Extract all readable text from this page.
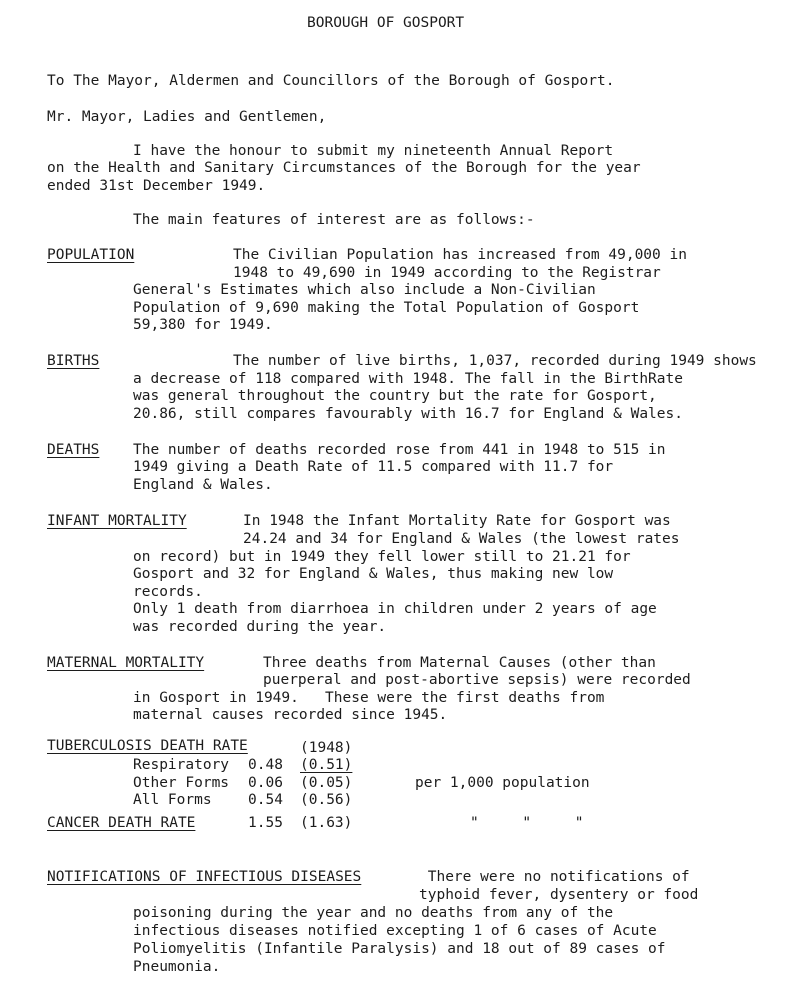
BOROUGH OF GOSPORT
To The Mayor, Aldermen and Councillors of the Borough of Gosport.
Mr. Mayor, Ladies and Gentlemen,
I have the honour to submit my nineteenth Annual Report
on the Health and Sanitary Circumstances of the Borough for the year
ended 31st December 1949.
The main features of interest are as follows:-
POPULATION	The Civilian Population has increased from 49,000 in
1948 to 49,690 in 1949 according to the Registrar
General's Estimates which also include a Non-Civilian
Population of 9,690 making the Total Population of Gosport
59,380 for 1949.
BIRTHS	The number of live births, 1,037, recorded during 1949 shows
a decrease of 118 compared with 1948. The fall in the BirthRate
was general throughout the country but the rate for Gosport,
20.86, still compares favourably with 16.7 for England & Wales.
DEATHS The number of deaths recorded rose from 441 in 1948 to 515 in
1949 giving a Death Rate of 11.5 compared with 11.7 for
England & Wales.
INFANT MORTALITY	In 1948 the Infant Mortality Rate for Gosport was
24.24 and 34 for England & Wales (the lowest rates
on record) but in 1949 they fell lower still to 21.21 for
Gosport and 32 for England & Wales, thus making new low
records.
Only 1 death from diarrhoea in children under 2 years of age
was recorded during the year.
MATERNAL MORTALITY	Three deaths from Maternal Causes (other than
puerperal and post-abortive sepsis) were recorded
in Gosport in 1949.   These were the first deaths from
maternal causes recorded since 1945.
TUBERCULOSIS DEATH RATE	(1948)
Respiratory 0.48 (0.51)
Other Forms 0.06 (0.05)	per 1,000 population
All Forms	0.54 (0.56)
CANCER DEATH RATE	1.55 (1.63)	"     "     "
NOTIFICATIONS OF INFECTIOUS DISEASES	There were no notifications of
typhoid fever, dysentery or food
poisoning during the year and no deaths from any of the
infectious diseases notified excepting 1 of 6 cases of Acute
Poliomyelitis (Infantile Paralysis) and 18 out of 89 cases of
Pneumonia.
